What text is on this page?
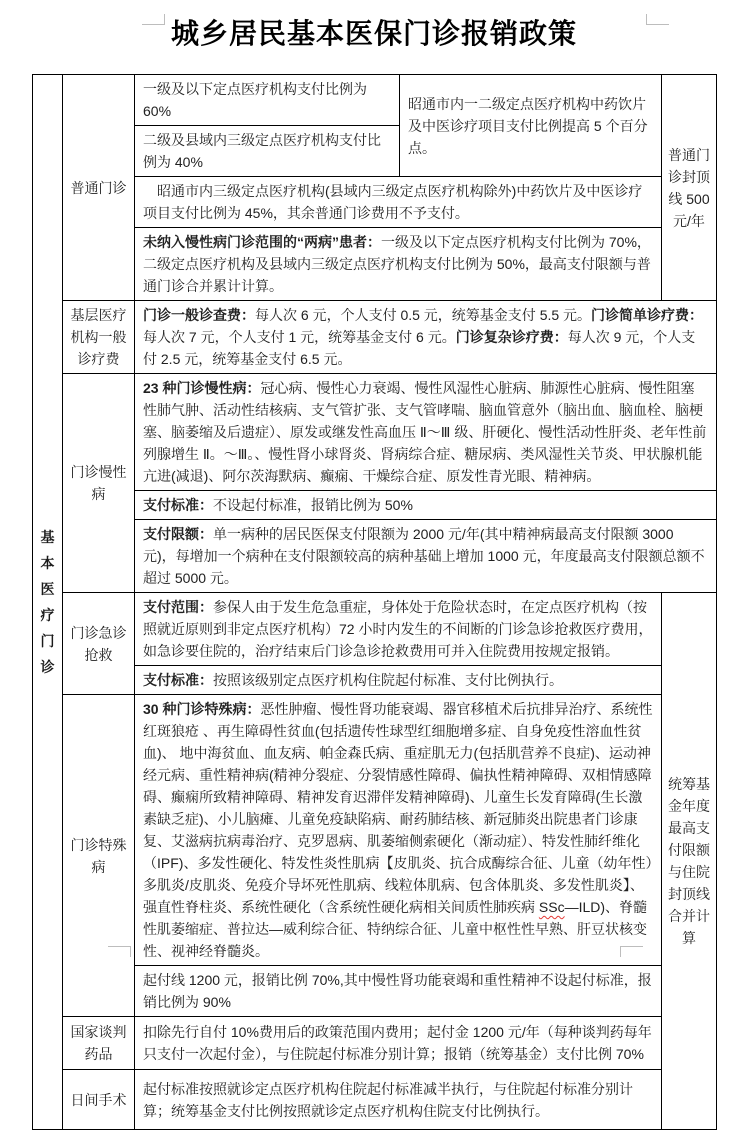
城乡居民基本医保门诊报销政策
基本医疗门诊	普通门诊	一级及以下定点医疗机构支付比例为 60%	昭通市内一二级定点医疗机构中药饮片及中医诊疗项目支付比例提高 5 个百分点。	普通门诊封顶线 500 元/年
		二级及县域内三级定点医疗机构支付比例为 40%		
		　昭通市内三级定点医疗机构(县域内三级定点医疗机构除外)中药饮片及中医诊疗项目支付比例为 45%，其余普通门诊费用不予支付。		
		未纳入慢性病门诊范围的“两病”患者：一级及以下定点医疗机构支付比例为 70%，二级定点医疗机构及县域内三级定点医疗机构支付比例为 50%，最高支付限额与普通门诊合并累计计算。		
	基层医疗机构一般诊疗费	门诊一般诊查费：每人次 6 元，个人支付 0.5 元，统筹基金支付 5.5 元。门诊简单诊疗费：每人次 7 元，个人支付 1 元，统筹基金支付 6 元。门诊复杂诊疗费：每人次 9 元，个人支付 2.5 元，统筹基金支付 6.5 元。		
	门诊慢性病	23 种门诊慢性病：冠心病、慢性心力衰竭、慢性风湿性心脏病、肺源性心脏病、慢性阻塞性肺气肿、活动性结核病、支气管扩张、支气管哮喘、脑血管意外（脑出血、脑血栓、脑梗塞、脑萎缩及后遗症）、原发或继发性高血压 Ⅱ～Ⅲ 级、肝硬化、慢性活动性肝炎、老年性前列腺增生 Ⅱ。～Ⅲ。、慢性肾小球肾炎、肾病综合症、糖尿病、类风湿性关节炎、甲状腺机能亢进(减退)、阿尔茨海默病、癫痫、干燥综合症、原发性青光眼、精神病。		
		支付标准：不设起付标准，报销比例为 50%		
		支付限额：单一病种的居民医保支付限额为 2000 元/年(其中精神病最高支付限额 3000 元)，每增加一个病种在支付限额较高的病种基础上增加 1000 元，年度最高支付限额总额不超过 5000 元。		
	门诊急诊抢救	支付范围：参保人由于发生危急重症，身体处于危险状态时，在定点医疗机构（按照就近原则到非定点医疗机构）72 小时内发生的不间断的门诊急诊抢救医疗费用，如急诊要住院的，治疗结束后门诊急诊抢救费用可并入住院费用按规定报销。		统筹基金年度最高支付限额与住院封顶线合并计算
		支付标准：按照该级别定点医疗机构住院起付标准、支付比例执行。		
	门诊特殊病	30 种门诊特殊病：恶性肿瘤、慢性肾功能衰竭、器官移植术后抗排异治疗、系统性红斑狼疮 、再生障碍性贫血(包括遗传性球型红细胞增多症、自身免疫性溶血性贫血)、 地中海贫血、血友病、帕金森氏病、重症肌无力(包括肌营养不良症)、运动神经元病、重性精神病(精神分裂症、分裂情感性障碍、偏执性精神障碍、双相情感障碍、癫痫所致精神障碍、精神发育迟滞伴发精神障碍)、儿童生长发育障碍(生长激素缺乏症)、小儿脑瘫、儿童免疫缺陷病、耐药肺结核、新冠肺炎出院患者门诊康复、艾滋病抗病毒治疗、克罗恩病、肌萎缩侧索硬化（渐动症）、特发性肺纤维化（IPF)、多发性硬化、特发性炎性肌病【皮肌炎、抗合成酶综合征、儿童（幼年性）多肌炎/皮肌炎、免疫介导坏死性肌病、线粒体肌病、包含体肌炎、多发性肌炎】、强直性脊柱炎、系统性硬化（含系统性硬化病相关间质性肺疾病 SSc—ILD)、脊髓性肌萎缩症、普拉达—威利综合征、特纳综合征、儿童中枢性性早熟、肝豆状核变性、视神经脊髓炎。		
		起付线 1200 元，报销比例 70%,其中慢性肾功能衰竭和重性精神不设起付标准，报销比例为 90%		
	国家谈判药品	扣除先行自付 10%费用后的政策范围内费用；起付金 1200 元/年（每种谈判药每年只支付一次起付金），与住院起付标准分别计算；报销（统筹基金）支付比例 70%		
	日间手术	起付标准按照就诊定点医疗机构住院起付标准减半执行，与住院起付标准分别计算；统筹基金支付比例按照就诊定点医疗机构住院支付比例执行。		
